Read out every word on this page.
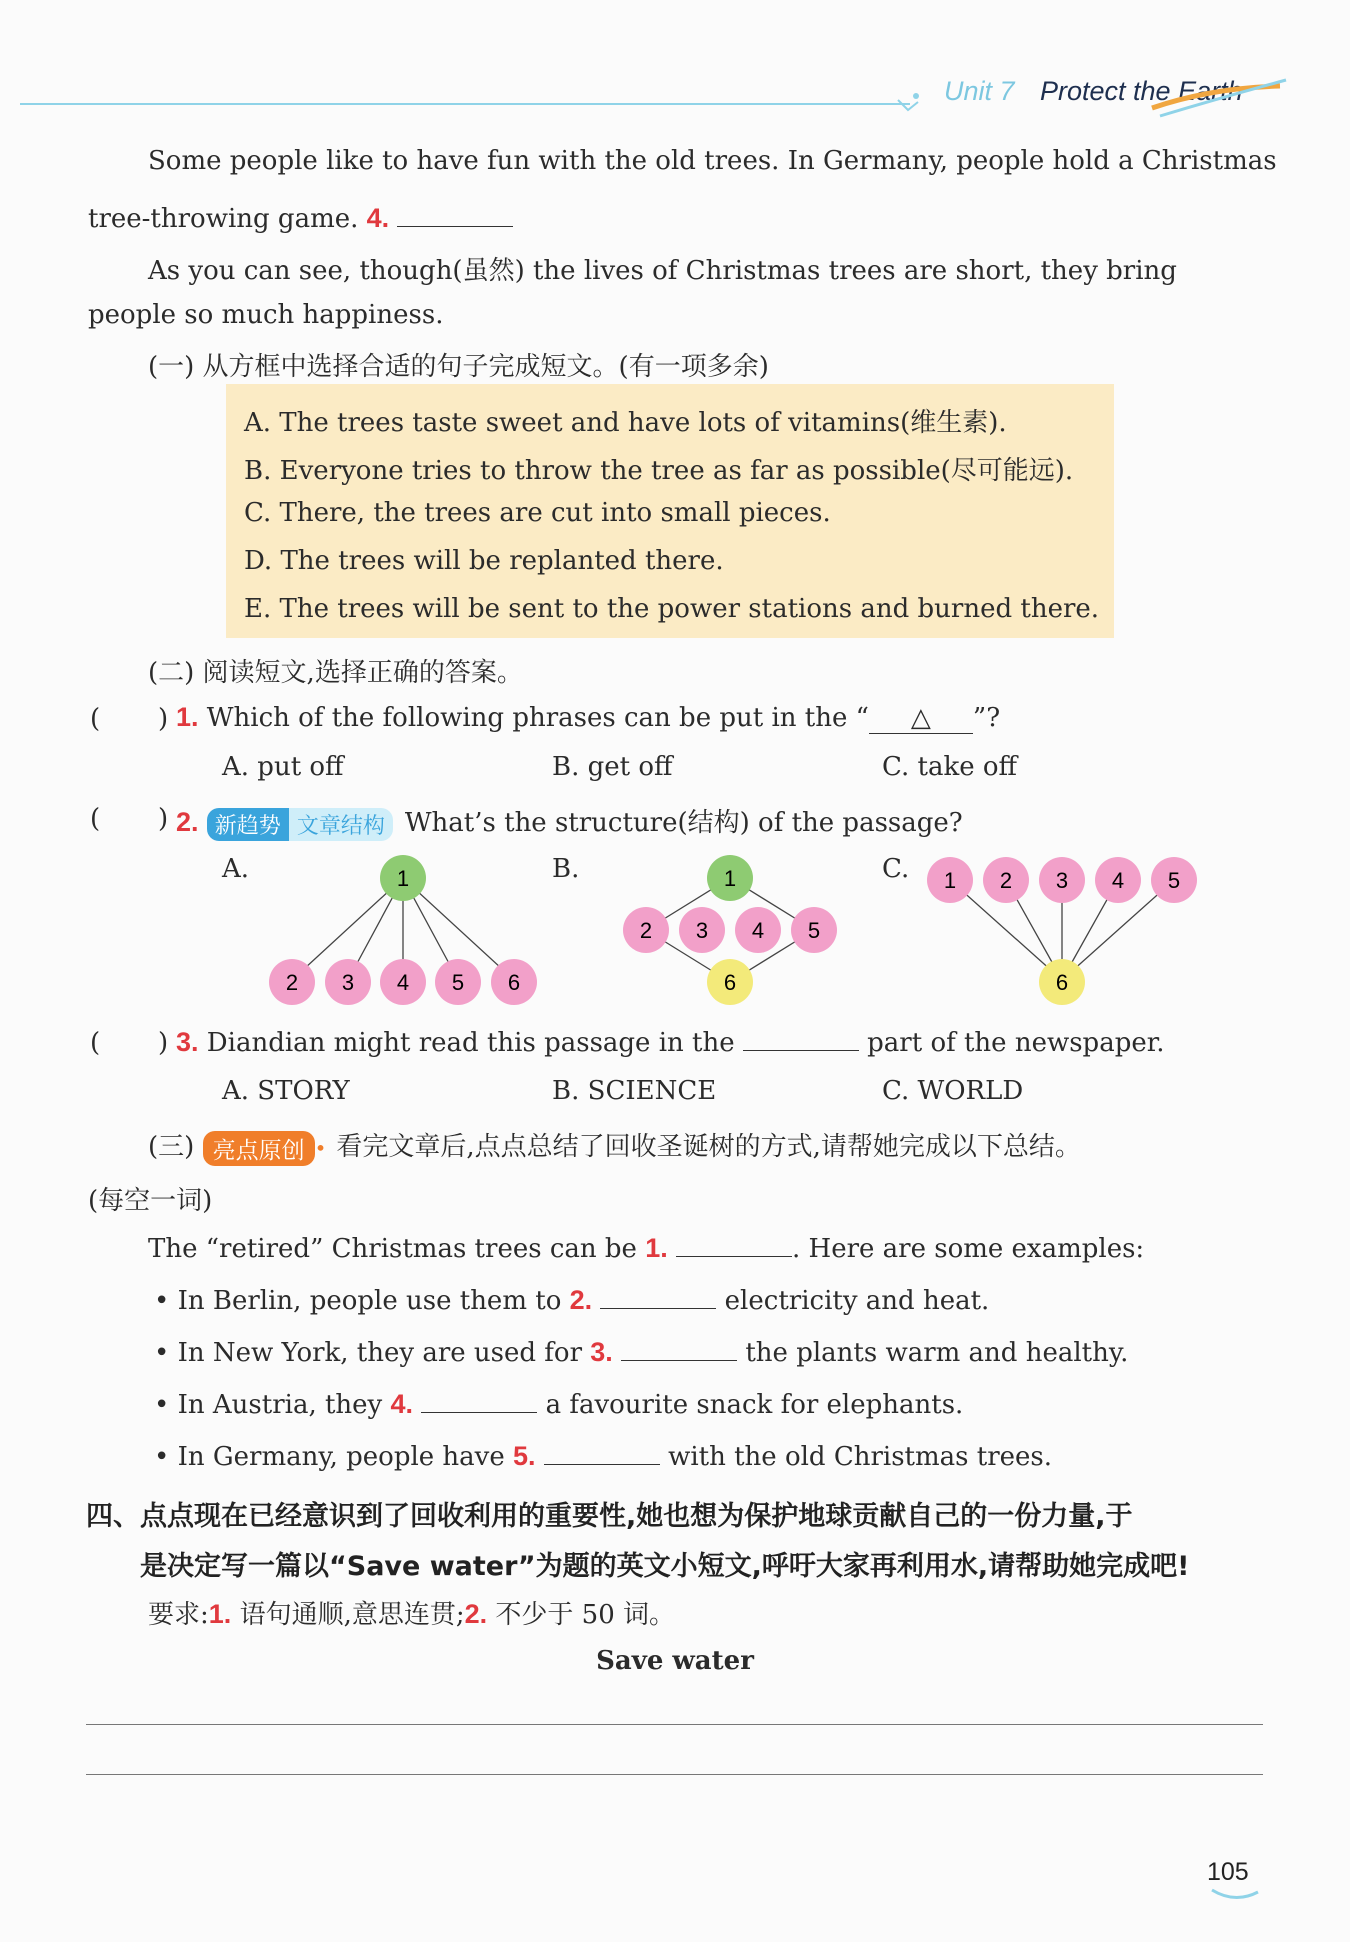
Unit 7 Protect the Earth
Some people like to have fun with the old trees. In Germany, people hold a Christmas
tree-throwing game. 4.
As you can see, though(虽然) the lives of Christmas trees are short, they bring
people so much happiness.
(一) 从方框中选择合适的句子完成短文。(有一项多余)
A. The trees taste sweet and have lots of vitamins(维生素).
B. Everyone tries to throw the tree as far as possible(尽可能远).
C. There, the trees are cut into small pieces.
D. The trees will be replanted there.
E. The trees will be sent to the power stations and burned there.
(二) 阅读短文,选择正确的答案。
(       ) 1. Which of the following phrases can be put in the “ △ ”?
A. put off	B. get off	C. take off
(       ) 2. 新趋势 文章结构 What’s the structure(结构) of the passage?
A.	B.	C.
1
2 3 4 5 6
1
2 3 4 5
6
1 2 3 4 5
6
(       ) 3. Diandian might read this passage in the	part of the newspaper.
A. STORY	B. SCIENCE	C. WORLD
(三) 亮点原创 • 看完文章后,点点总结了回收圣诞树的方式,请帮她完成以下总结。
(每空一词)
The “retired” Christmas trees can be 1.	. Here are some examples:
• In Berlin, people use them to 2.	electricity and heat.
• In New York, they are used for 3.	the plants warm and healthy.
• In Austria, they 4.	a favourite snack for elephants.
• In Germany, people have 5.	with the old Christmas trees.
四、点点现在已经意识到了回收利用的重要性,她也想为保护地球贡献自己的一份力量,于
是决定写一篇以“Save water”为题的英文小短文,呼吁大家再利用水,请帮助她完成吧!
要求:1. 语句通顺,意思连贯;2. 不少于 50 词。
Save water
105
